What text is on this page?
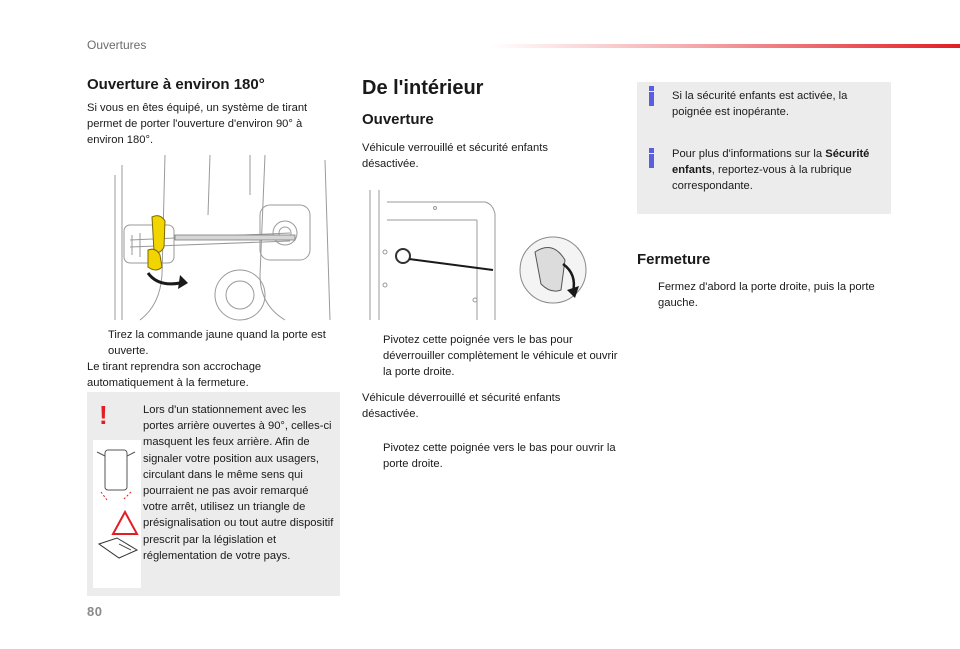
Ouvertures
Ouverture à environ 180°
Si vous en êtes équipé, un système de tirant permet de porter l'ouverture d'environ 90° à environ 180°.
Tirez la commande jaune quand la porte est ouverte.
Le tirant reprendra son accrochage automatiquement à la fermeture.
!	Lors d'un stationnement avec les portes arrière ouvertes à 90°, celles-ci masquent les feux arrière. Afin de signaler votre position aux usagers, circulant dans le même sens qui pourraient ne pas avoir remarqué votre arrêt, utilisez un triangle de présignalisation ou tout autre dispositif prescrit par la législation et réglementation de votre pays.
De l'intérieur
Ouverture
Véhicule verrouillé et sécurité enfants désactivée.
Pivotez cette poignée vers le bas pour déverrouiller complètement le véhicule et ouvrir la porte droite.
Véhicule déverrouillé et sécurité enfants désactivée.
Pivotez cette poignée vers le bas pour ouvrir la porte droite.
Si la sécurité enfants est activée, la poignée est inopérante.
Pour plus d'informations sur la Sécurité enfants, reportez-vous à la rubrique correspondante.
Fermeture
Fermez d'abord la porte droite, puis la porte gauche.
80
